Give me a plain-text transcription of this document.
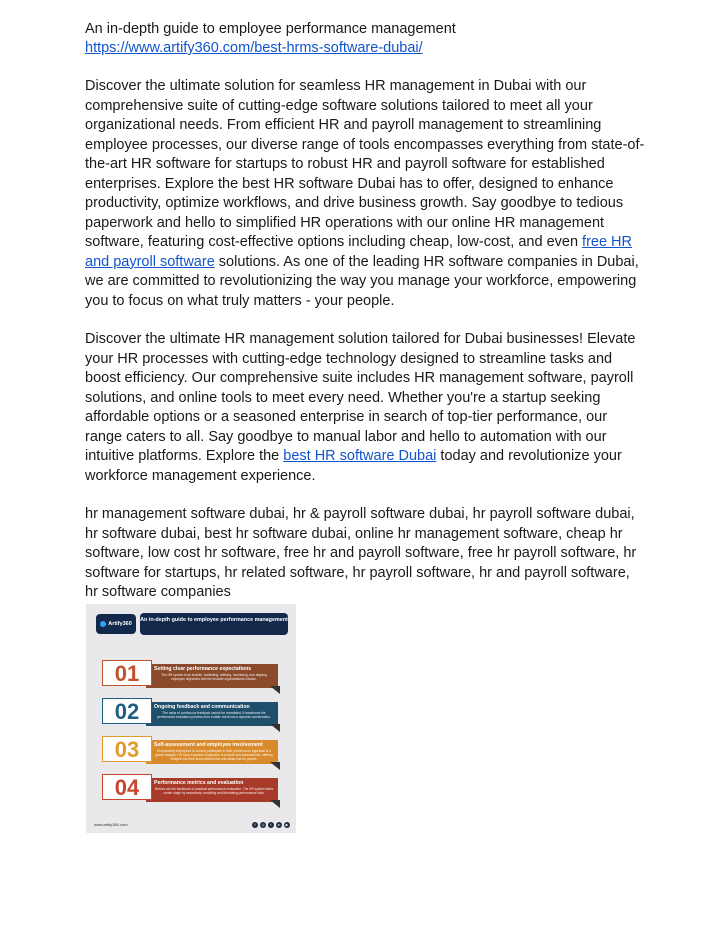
An in-depth guide to employee performance management

https://www.artify360.com/best-hrms-software-dubai/

Discover the ultimate solution for seamless HR management in Dubai with our comprehensive suite of cutting-edge software solutions tailored to meet all your organizational needs. From efficient HR and payroll management to streamlining employee processes, our diverse range of tools encompasses everything from state-of-the-art HR software for startups to robust HR and payroll software for established enterprises. Explore the best HR software Dubai has to offer, designed to enhance productivity, optimize workflows, and drive business growth. Say goodbye to tedious paperwork and hello to simplified HR operations with our online HR management software, featuring cost-effective options including cheap, low-cost, and even free HR and payroll software solutions. As one of the leading HR software companies in Dubai, we are committed to revolutionizing the way you manage your workforce, empowering you to focus on what truly matters - your people.

Discover the ultimate HR management solution tailored for Dubai businesses! Elevate your HR processes with cutting-edge technology designed to streamline tasks and boost efficiency. Our comprehensive suite includes HR management software, payroll solutions, and online tools to meet every need. Whether you're a startup seeking affordable options or a seasoned enterprise in search of top-tier performance, our range caters to all. Say goodbye to manual labor and hello to automation with our intuitive platforms. Explore the best HR software Dubai today and revolutionize your workforce management experience.

hr management software dubai, hr & payroll software dubai, hr payroll software dubai, hr software dubai, best hr software dubai, online hr management software, cheap hr software, low cost hr software, free hr and payroll software, free hr payroll software, hr software for startups, hr related software, hr payroll software, hr and payroll software, hr software companies

Artify360
An in-depth guide to employee performance management
Setting clear performance expectations
The HR system is an enabler, facilitating, defining, monitoring, and aligning employee objectives with the broader organizational mission.
01
Ongoing feedback and communication
The value of continuous feedback cannot be overstated. It transforms the performance evaluation process from a static event into a dynamic conversation.
02
Self-assessment and employee involvement
Empowering employees to actively participate in their performance appraisal is a game changer. HR tools empower employees to provide self-assessments, offering insights into their accomplishments and areas ripe for growth.
03
Performance metrics and evaluation
Metrics are the backbone of practical performance evaluation. The HR system takes center stage by seamlessly compiling and illustrating performance data.
04
www.artify360.com	f	◎	t	in	▶
